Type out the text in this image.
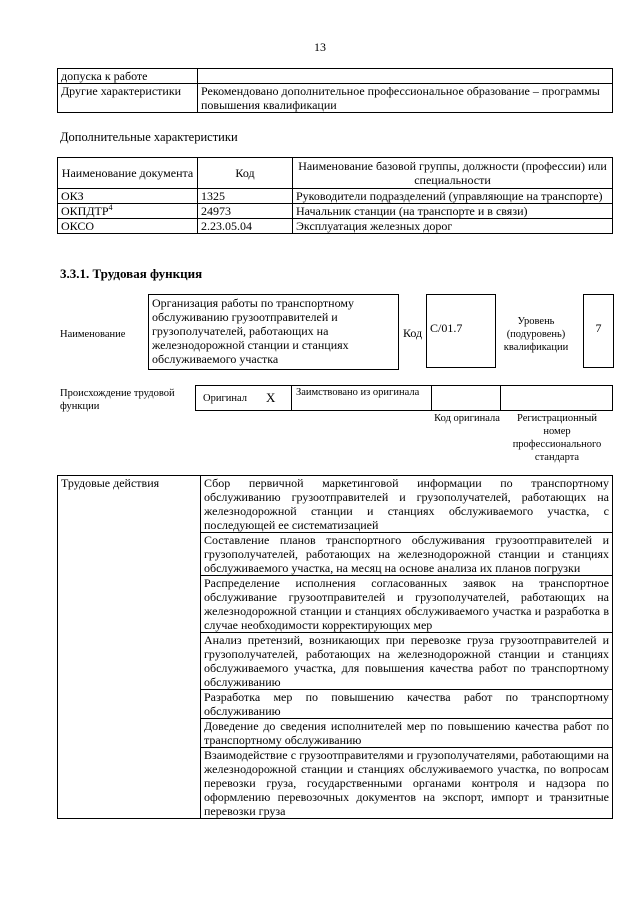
13
допуска к работе	
Другие характеристики	Рекомендовано дополнительное профессиональное образование – программы повышения квалификации
Дополнительные характеристики
Наименование документа	Код	Наименование базовой группы, должности (профессии) или специальности
ОКЗ	1325	Руководители подразделений (управляющие на транспорте)
ОКПДТР$^4$	24973	Начальник станции (на транспорте и в связи)
ОКСО	2.23.05.04	Эксплуатация железных дорог
3.3.1. Трудовая функция
Наименование
Организация работы по транспортному обслуживанию грузоотправителей и грузополучателей, работающих на железнодорожной станции и станциях обслуживаемого участка
Код C/01.7	Уровень (подуровень) квалификации
7
Происхождение трудовой функции
Оригинал X Заимствовано из оригинала
Код оригинала	Регистрационный номер профессионального стандарта
Трудовые действия	Сбор первичной маркетинговой информации по транспортному обслуживанию грузоотправителей и грузополучателей, работающих на железнодорожной станции и станциях обслуживаемого участка, с последующей ее систематизацией
Составление планов транспортного обслуживания грузоотправителей и грузополучателей, работающих на железнодорожной станции и станциях обслуживаемого участка, на месяц на основе анализа их планов погрузки
Распределение исполнения согласованных заявок на транспортное обслуживание грузоотправителей и грузополучателей, работающих на железнодорожной станции и станциях обслуживаемого участка и разработка в случае необходимости корректирующих мер
Анализ претензий, возникающих при перевозке груза грузоотправителей и грузополучателей, работающих на железнодорожной станции и станциях обслуживаемого участка, для повышения качества работ по транспортному обслуживанию
Разработка мер по повышению качества работ по транспортному обслуживанию
Доведение до сведения исполнителей мер по повышению качества работ по транспортному обслуживанию
Взаимодействие с грузоотправителями и грузополучателями, работающими на железнодорожной станции и станциях обслуживаемого участка, по вопросам перевозки груза, государственными органами контроля и надзора по оформлению перевозочных документов на экспорт, импорт и транзитные перевозки груза
